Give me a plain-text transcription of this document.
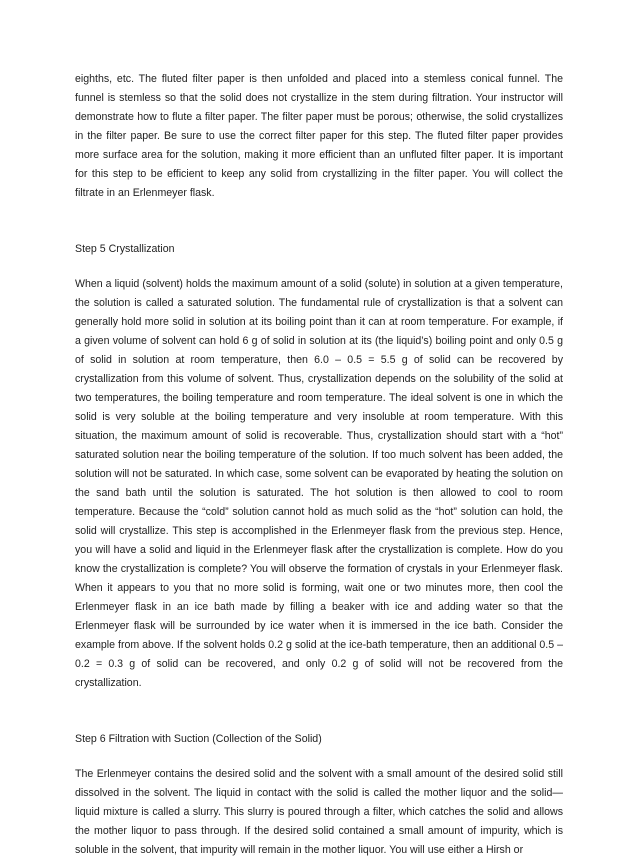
eighths, etc. The fluted filter paper is then unfolded and placed into a stemless conical funnel. The funnel is stemless so that the solid does not crystallize in the stem during filtration. Your instructor will demonstrate how to flute a filter paper. The filter paper must be porous; otherwise, the solid crystallizes in the filter paper. Be sure to use the correct filter paper for this step. The fluted filter paper provides more surface area for the solution, making it more efficient than an unfluted filter paper. It is important for this step to be efficient to keep any solid from crystallizing in the filter paper. You will collect the filtrate in an Erlenmeyer flask.

Step 5 Crystallization

When a liquid (solvent) holds the maximum amount of a solid (solute) in solution at a given temperature, the solution is called a saturated solution. The fundamental rule of crystallization is that a solvent can generally hold more solid in solution at its boiling point than it can at room temperature. For example, if a given volume of solvent can hold 6 g of solid in solution at its (the liquid’s) boiling point and only 0.5 g of solid in solution at room temperature, then 6.0 – 0.5 = 5.5 g of solid can be recovered by crystallization from this volume of solvent. Thus, crystallization depends on the solubility of the solid at two temperatures, the boiling temperature and room temperature. The ideal solvent is one in which the solid is very soluble at the boiling temperature and very insoluble at room temperature. With this situation, the maximum amount of solid is recoverable. Thus, crystallization should start with a “hot” saturated solution near the boiling temperature of the solution. If too much solvent has been added, the solution will not be saturated. In which case, some solvent can be evaporated by heating the solution on the sand bath until the solution is saturated. The hot solution is then allowed to cool to room temperature. Because the “cold” solution cannot hold as much solid as the “hot” solution can hold, the solid will crystallize. This step is accomplished in the Erlenmeyer flask from the previous step. Hence, you will have a solid and liquid in the Erlenmeyer flask after the crystallization is complete. How do you know the crystallization is complete? You will observe the formation of crystals in your Erlenmeyer flask. When it appears to you that no more solid is forming, wait one or two minutes more, then cool the Erlenmeyer flask in an ice bath made by filling a beaker with ice and adding water so that the Erlenmeyer flask will be surrounded by ice water when it is immersed in the ice bath. Consider the example from above. If the solvent holds 0.2 g solid at the ice-bath temperature, then an additional 0.5 – 0.2 = 0.3 g of solid can be recovered, and only 0.2 g of solid will not be recovered from the crystallization.

Step 6 Filtration with Suction (Collection of the Solid)

The Erlenmeyer contains the desired solid and the solvent with a small amount of the desired solid still dissolved in the solvent. The liquid in contact with the solid is called the mother liquor and the solid—liquid mixture is called a slurry. This slurry is poured through a filter, which catches the solid and allows the mother liquor to pass through. If the desired solid contained a small amount of impurity, which is soluble in the solvent, that impurity will remain in the mother liquor. You will use either a Hirsh or
